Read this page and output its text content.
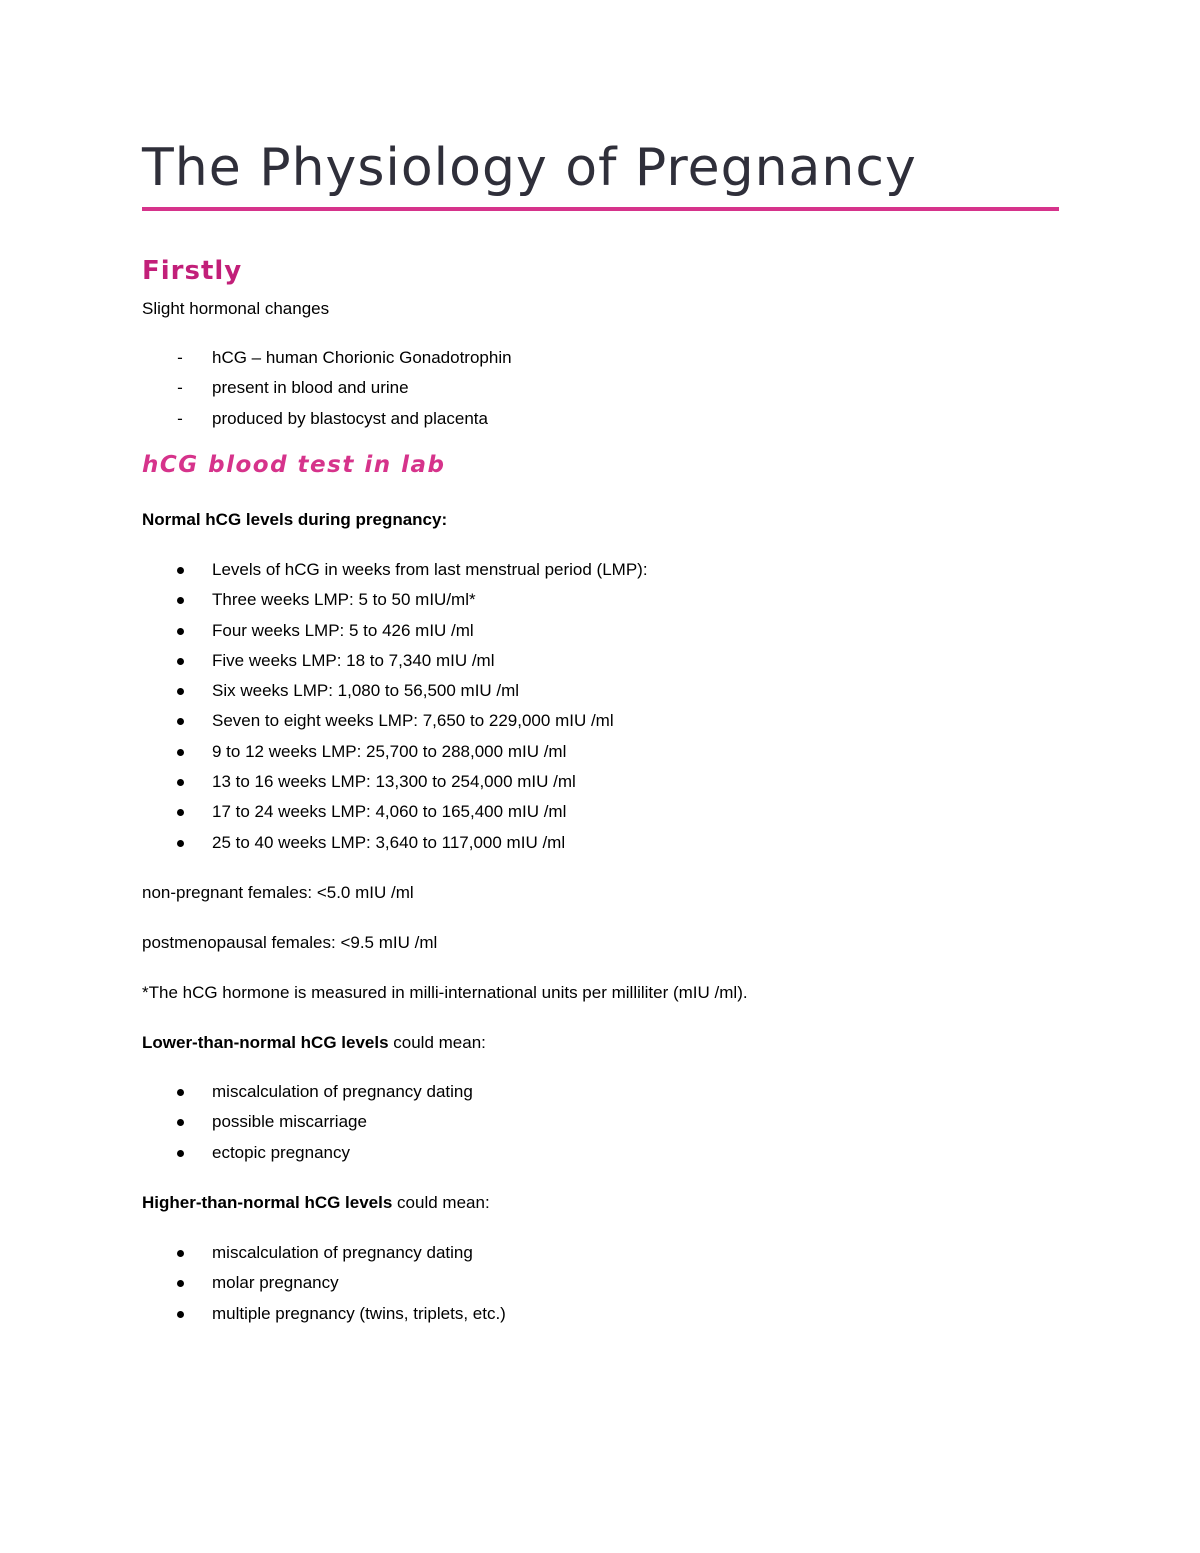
The Physiology of Pregnancy
Firstly

Slight hormonal changes

- hCG – human Chorionic Gonadotrophin
- present in blood and urine
- produced by blastocyst and placenta
hCG blood test in lab

Normal hCG levels during pregnancy:

Levels of hCG in weeks from last menstrual period (LMP):
Three weeks LMP: 5 to 50 mIU/ml*
Four weeks LMP: 5 to 426 mIU /ml
Five weeks LMP: 18 to 7,340 mIU /ml
Six weeks LMP: 1,080 to 56,500 mIU /ml
Seven to eight weeks LMP: 7,650 to 229,000 mIU /ml
9 to 12 weeks LMP: 25,700 to 288,000 mIU /ml
13 to 16 weeks LMP: 13,300 to 254,000 mIU /ml
17 to 24 weeks LMP: 4,060 to 165,400 mIU /ml
25 to 40 weeks LMP: 3,640 to 117,000 mIU /ml

non-pregnant females: <5.0 mIU /ml

postmenopausal females: <9.5 mIU /ml

*The hCG hormone is measured in milli-international units per milliliter (mIU /ml).

Lower-than-normal hCG levels could mean:

miscalculation of pregnancy dating
possible miscarriage
ectopic pregnancy

Higher-than-normal hCG levels could mean:

miscalculation of pregnancy dating
molar pregnancy
multiple pregnancy (twins, triplets, etc.)
